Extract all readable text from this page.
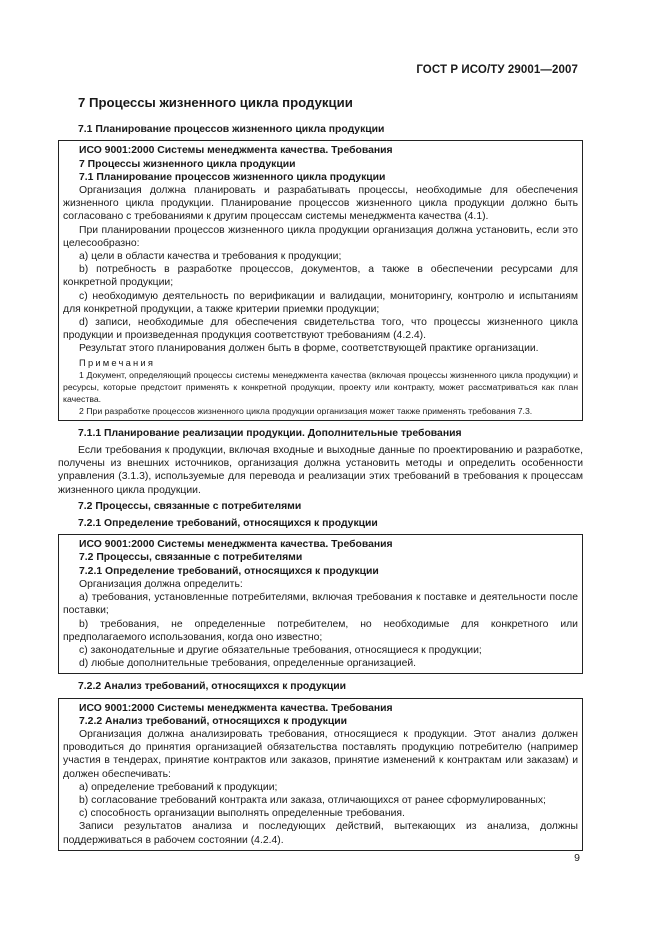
ГОСТ Р ИСО/ТУ 29001—2007
7 Процессы жизненного цикла продукции
7.1 Планирование процессов жизненного цикла продукции

ИСО 9001:2000 Системы менеджмента качества. Требования

7 Процессы жизненного цикла продукции

7.1 Планирование процессов жизненного цикла продукции

Организация должна планировать и разрабатывать процессы, необходимые для обеспечения жизненного цикла продукции. Планирование процессов жизненного цикла продукции должно быть согласовано с требованиями к другим процессам системы менеджмента качества (4.1).

При планировании процессов жизненного цикла продукции организация должна установить, если это целесообразно:

а) цели в области качества и требования к продукции;

b) потребность в разработке процессов, документов, а также в обеспечении ресурсами для конкретной продукции;

c) необходимую деятельность по верификации и валидации, мониторингу, контролю и испытаниям для конкретной продукции, а также критерии приемки продукции;

d) записи, необходимые для обеспечения свидетельства того, что процессы жизненного цикла продукции и произведенная продукция соответствуют требованиям (4.2.4).

Результат этого планирования должен быть в форме, соответствующей практике организации.

Примечания

1 Документ, определяющий процессы системы менеджмента качества (включая процессы жизненного цикла продукции) и ресурсы, которые предстоит применять к конкретной продукции, проекту или контракту, может рассматриваться как план качества.

2 При разработке процессов жизненного цикла продукции организация может также применять требования 7.3.

7.1.1 Планирование реализации продукции. Дополнительные требования

Если требования к продукции, включая входные и выходные данные по проектированию и разработке, получены из внешних источников, организация должна установить методы и определить особенности управления (3.1.3), используемые для перевода и реализации этих требований в требования к процессам жизненного цикла продукции.

7.2 Процессы, связанные с потребителями
7.2.1 Определение требований, относящихся к продукции

ИСО 9001:2000 Системы менеджмента качества. Требования

7.2 Процессы, связанные с потребителями

7.2.1 Определение требований, относящихся к продукции

Организация должна определить:

а) требования, установленные потребителями, включая требования к поставке и деятельности после поставки;

b) требования, не определенные потребителем, но необходимые для конкретного или предполагаемого использования, когда оно известно;

c) законодательные и другие обязательные требования, относящиеся к продукции;

d) любые дополнительные требования, определенные организацией.

7.2.2 Анализ требований, относящихся к продукции

ИСО 9001:2000 Системы менеджмента качества. Требования

7.2.2 Анализ требований, относящихся к продукции

Организация должна анализировать требования, относящиеся к продукции. Этот анализ должен проводиться до принятия организацией обязательства поставлять продукцию потребителю (например участия в тендерах, принятие контрактов или заказов, принятие изменений к контрактам или заказам) и должен обеспечивать:

а) определение требований к продукции;

b) согласование требований контракта или заказа, отличающихся от ранее сформулированных;

c) способность организации выполнять определенные требования.

Записи результатов анализа и последующих действий, вытекающих из анализа, должны поддерживаться в рабочем состоянии (4.2.4).

9
